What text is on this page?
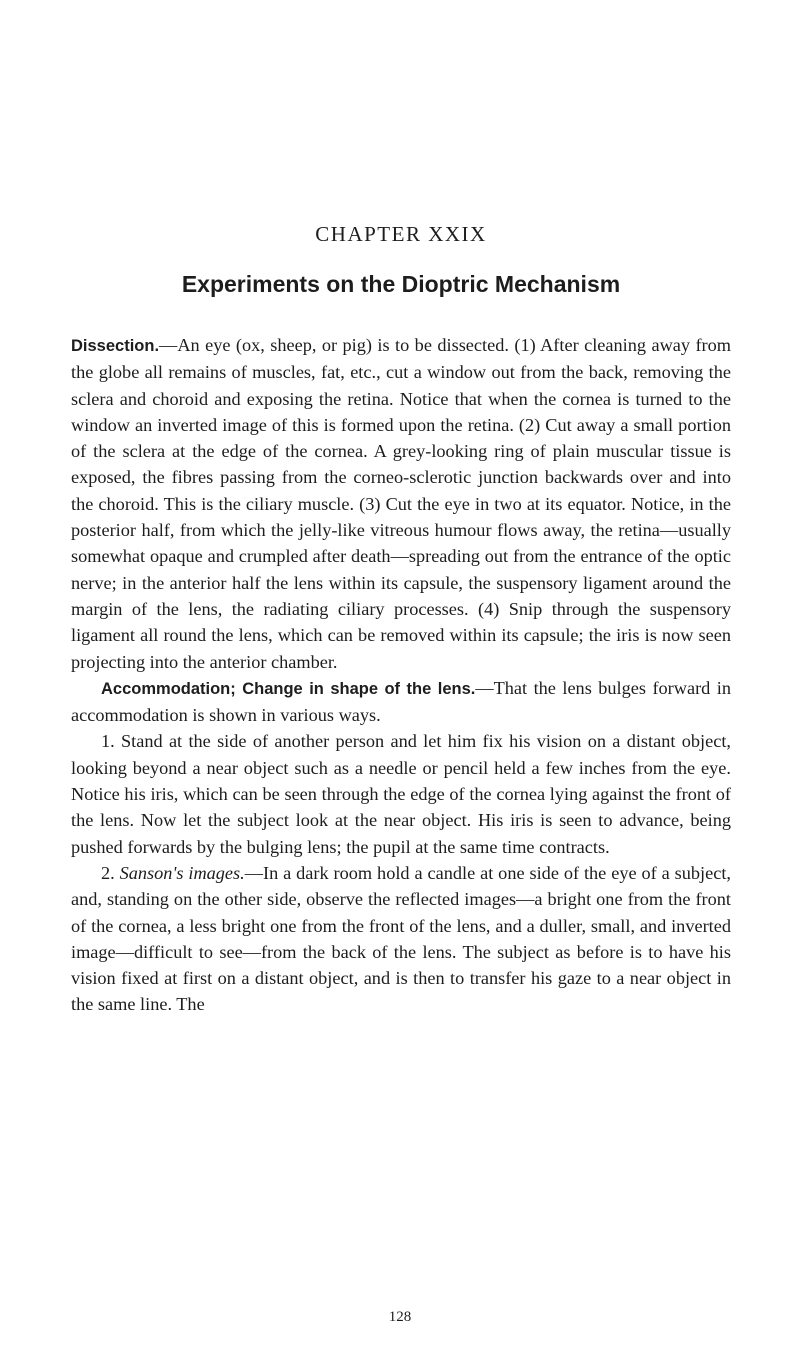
CHAPTER XXIX
Experiments on the Dioptric Mechanism

Dissection.—An eye (ox, sheep, or pig) is to be dissected. (1) After cleaning away from the globe all remains of muscles, fat, etc., cut a window out from the back, removing the sclera and choroid and exposing the retina. Notice that when the cornea is turned to the window an inverted image of this is formed upon the retina. (2) Cut away a small portion of the sclera at the edge of the cornea. A grey-looking ring of plain muscular tissue is exposed, the fibres passing from the corneo-sclerotic junction backwards over and into the choroid. This is the ciliary muscle. (3) Cut the eye in two at its equator. Notice, in the posterior half, from which the jelly-like vitreous humour flows away, the retina—usually somewhat opaque and crumpled after death—spreading out from the entrance of the optic nerve; in the anterior half the lens within its capsule, the suspensory ligament around the margin of the lens, the radiating ciliary processes. (4) Snip through the suspensory ligament all round the lens, which can be removed within its capsule; the iris is now seen projecting into the anterior chamber.

Accommodation; Change in shape of the lens.—That the lens bulges forward in accommodation is shown in various ways.

1. Stand at the side of another person and let him fix his vision on a distant object, looking beyond a near object such as a needle or pencil held a few inches from the eye. Notice his iris, which can be seen through the edge of the cornea lying against the front of the lens. Now let the subject look at the near object. His iris is seen to advance, being pushed forwards by the bulging lens; the pupil at the same time contracts.

2. Sanson's images.—In a dark room hold a candle at one side of the eye of a subject, and, standing on the other side, observe the reflected images—a bright one from the front of the cornea, a less bright one from the front of the lens, and a duller, small, and inverted image—difficult to see—from the back of the lens. The subject as before is to have his vision fixed at first on a distant object, and is then to transfer his gaze to a near object in the same line. The

128
